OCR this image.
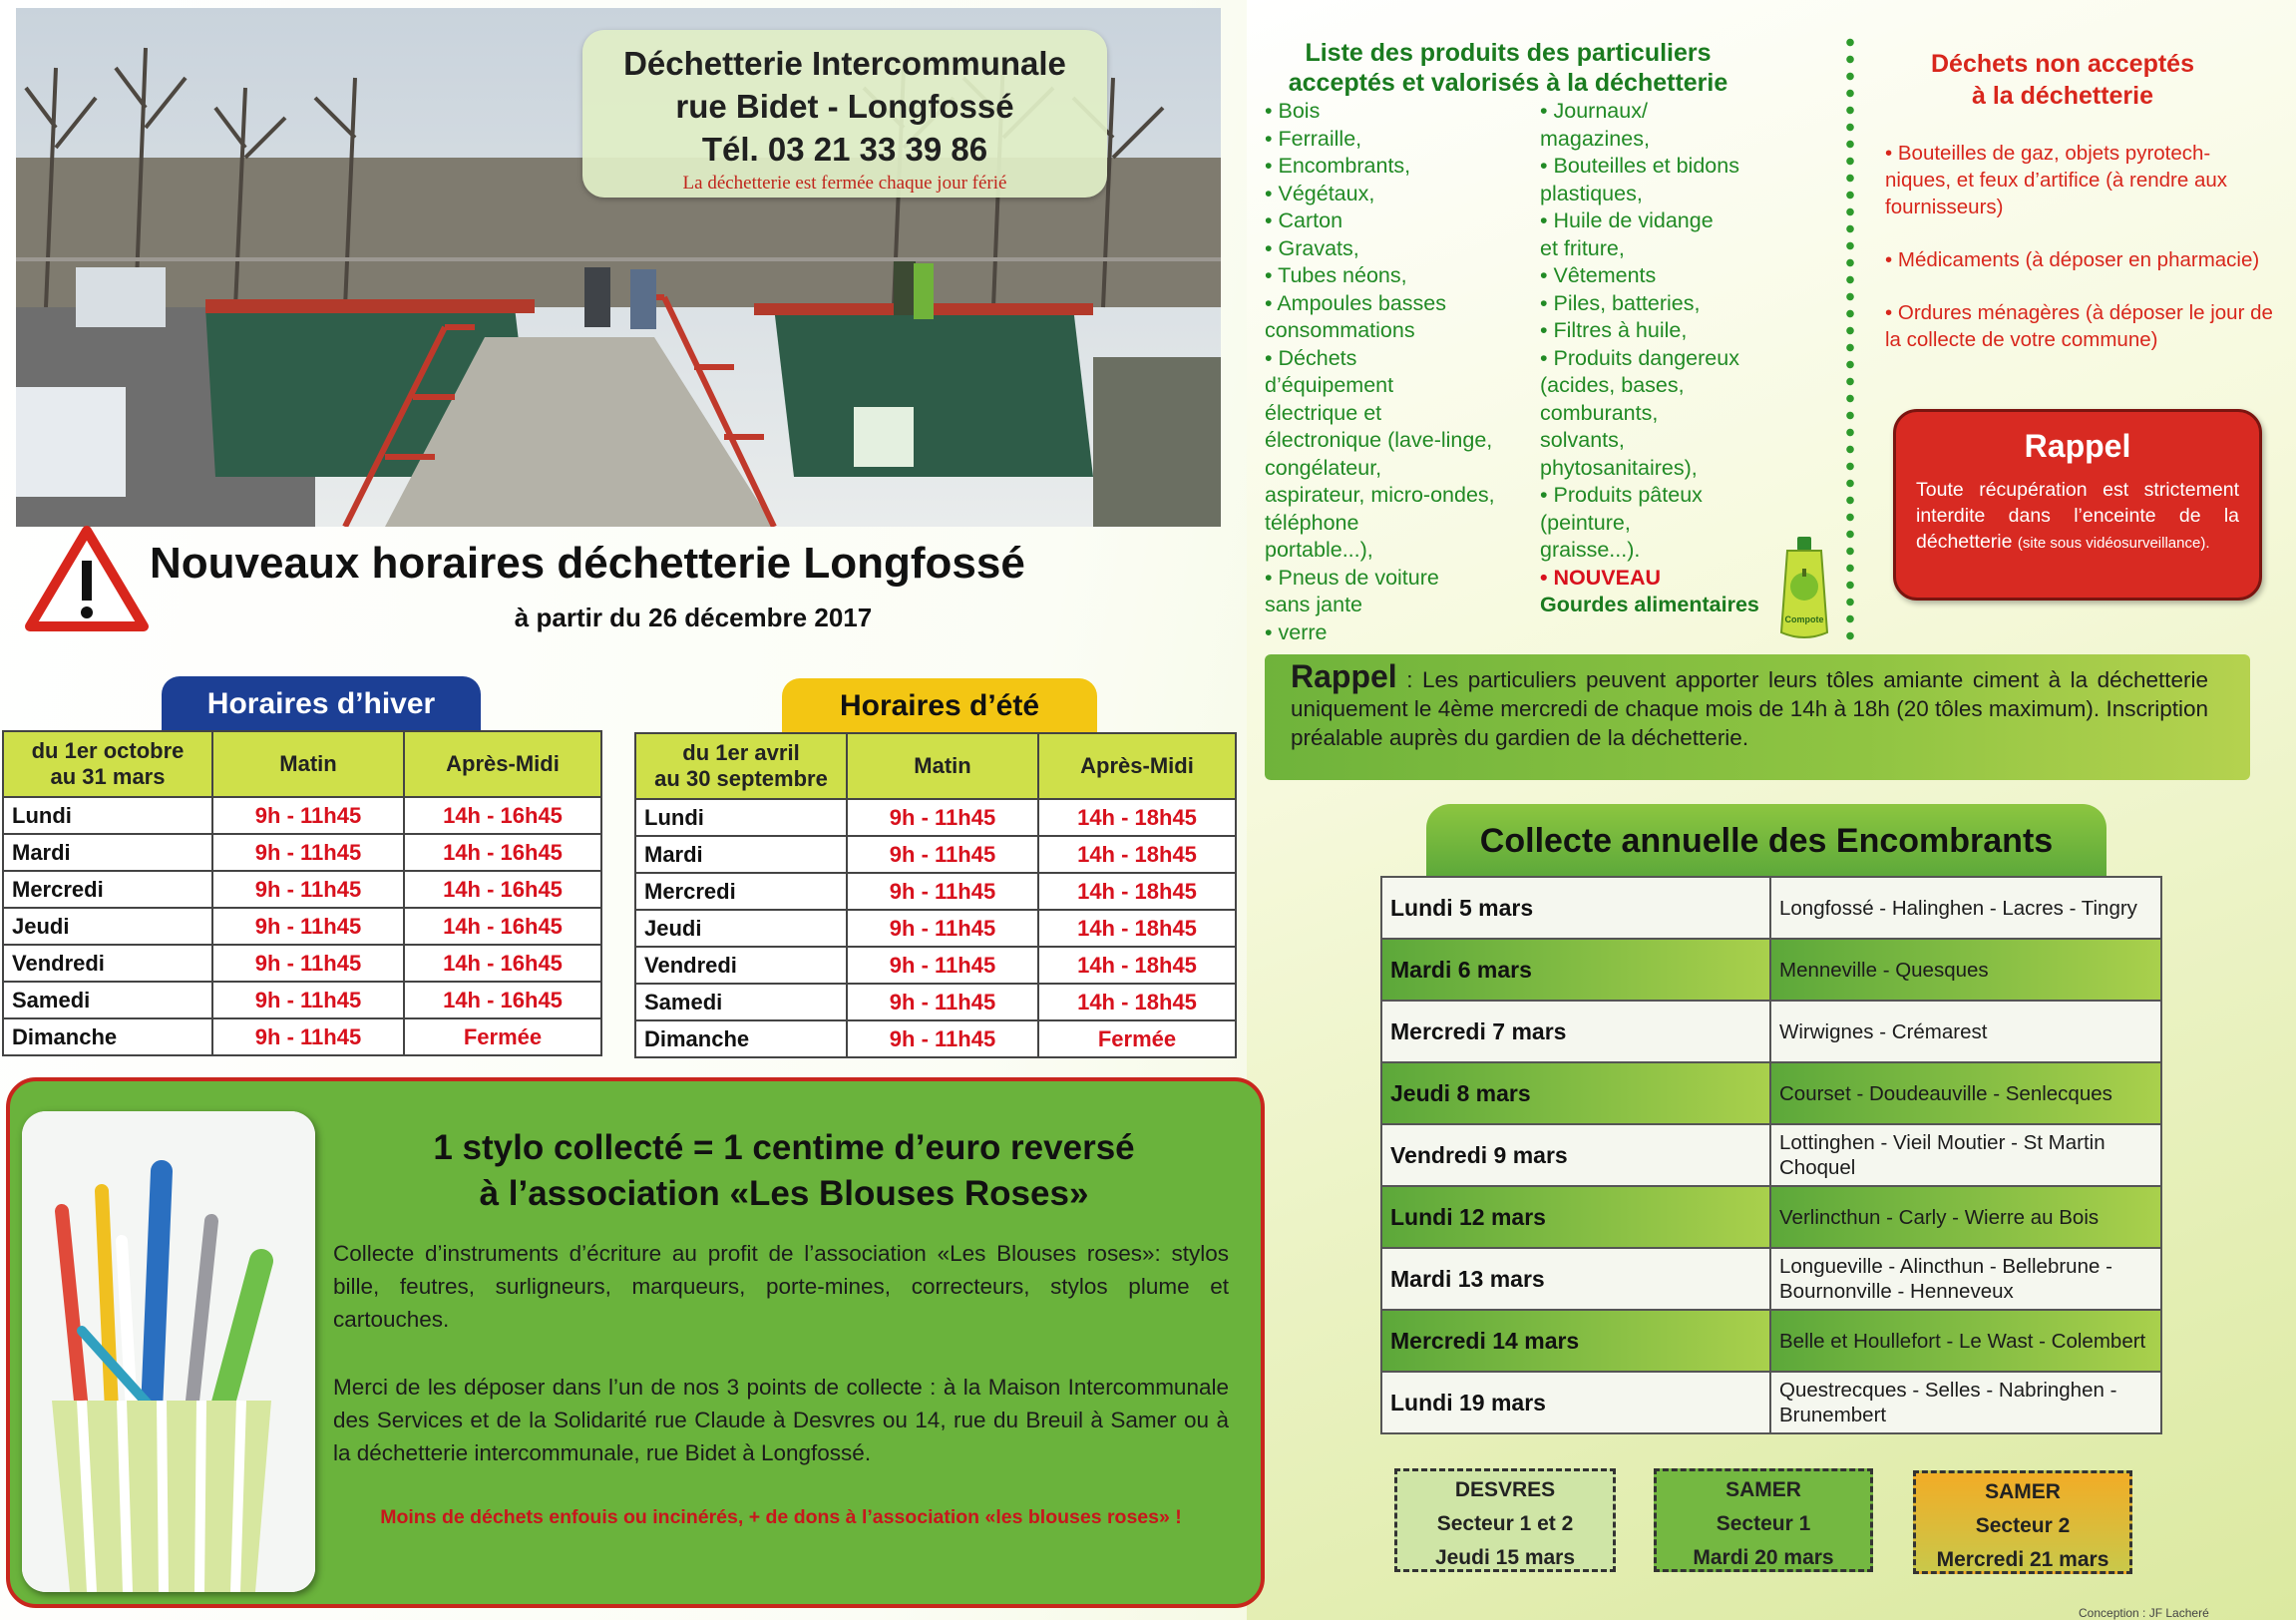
Déchetterie Intercommunale
rue Bidet - Longfossé
Tél. 03 21 33 39 86
La déchetterie est fermée chaque jour férié
Nouveaux horaires déchetterie Longfossé
à partir du 26 décembre 2017
Horaires d’hiver
du 1er octobre
au 31 mars	Matin	Après-Midi
Lundi	9h - 11h45	14h - 16h45
Mardi	9h - 11h45	14h - 16h45
Mercredi	9h - 11h45	14h - 16h45
Jeudi	9h - 11h45	14h - 16h45
Vendredi	9h - 11h45	14h - 16h45
Samedi	9h - 11h45	14h - 16h45
Dimanche	9h - 11h45	Fermée
Horaires d’été
du 1er avril
au 30 septembre	Matin	Après-Midi
Lundi	9h - 11h45	14h - 18h45
Mardi	9h - 11h45	14h - 18h45
Mercredi	9h - 11h45	14h - 18h45
Jeudi	9h - 11h45	14h - 18h45
Vendredi	9h - 11h45	14h - 18h45
Samedi	9h - 11h45	14h - 18h45
Dimanche	9h - 11h45	Fermée
Liste des produits des particuliers
acceptés et valorisés à la déchetterie
• Bois
• Ferraille,
• Encombrants,
• Végétaux,
• Carton
• Gravats,
• Tubes néons,
• Ampoules basses
consommations
• Déchets
d’équipement
électrique et
électronique (lave-linge,
congélateur,
aspirateur, micro-ondes,
téléphone
portable...),
• Pneus de voiture
sans jante
• verre
• Journaux/
magazines,
• Bouteilles et bidons
plastiques,
• Huile de vidange
et friture,
• Vêtements
• Piles, batteries,
• Filtres à huile,
• Produits dangereux
(acides, bases,
comburants,
solvants,
phytosanitaires),
• Produits pâteux
(peinture,
graisse...).
• NOUVEAU
Gourdes alimentaires
Compote
Déchets non acceptés
à la déchetterie
• Bouteilles de gaz, objets pyrotech-niques, et feux d’artifice (à rendre aux fournisseurs)
• Médicaments (à déposer en pharmacie)
• Ordures ménagères (à déposer le jour de la collecte de votre commune)
Rappel
Toute récupération est strictement interdite dans l’enceinte de la déchetterie (site sous vidéosurveillance).
Rappel : Les particuliers peuvent apporter leurs tôles amiante ciment à la déchetterie uniquement le 4ème mercredi de chaque mois de 14h à 18h (20 tôles maximum). Inscription préalable auprès du gardien de la déchetterie.
Collecte annuelle des Encombrants
Lundi 5 mars	Longfossé - Halinghen - Lacres - Tingry
Mardi 6 mars	Menneville - Quesques
Mercredi 7 mars	Wirwignes - Crémarest
Jeudi 8 mars	Courset - Doudeauville - Senlecques
Vendredi 9 mars	Lottinghen - Vieil Moutier - St Martin Choquel
Lundi 12 mars	Verlincthun - Carly - Wierre au Bois
Mardi 13 mars	Longueville - Alincthun - Bellebrune - Bournonville - Henneveux
Mercredi 14 mars	Belle et Houllefort - Le Wast - Colembert
Lundi 19 mars	Questrecques - Selles - Nabringhen - Brunembert
DESVRES
Secteur 1 et 2
Jeudi 15 mars
SAMER
Secteur 1
Mardi 20 mars
SAMER
Secteur 2
Mercredi 21 mars
Conception : JF Lacheré
1 stylo collecté = 1 centime d’euro reversé
à l’association «Les Blouses Roses»
Collecte d’instruments d’écriture au profit de l’association «Les Blouses roses»: stylos bille, feutres, surligneurs, marqueurs, porte-mines, correcteurs, stylos plume et cartouches.
Merci de les déposer dans l’un de nos 3 points de collecte : à la Maison Intercommunale des Services et de la Solidarité rue Claude à Desvres ou 14, rue du Breuil à Samer ou à la déchetterie intercommunale, rue Bidet à Longfossé.
Moins de déchets enfouis ou incinérés, + de dons à l’association «les blouses roses» !
